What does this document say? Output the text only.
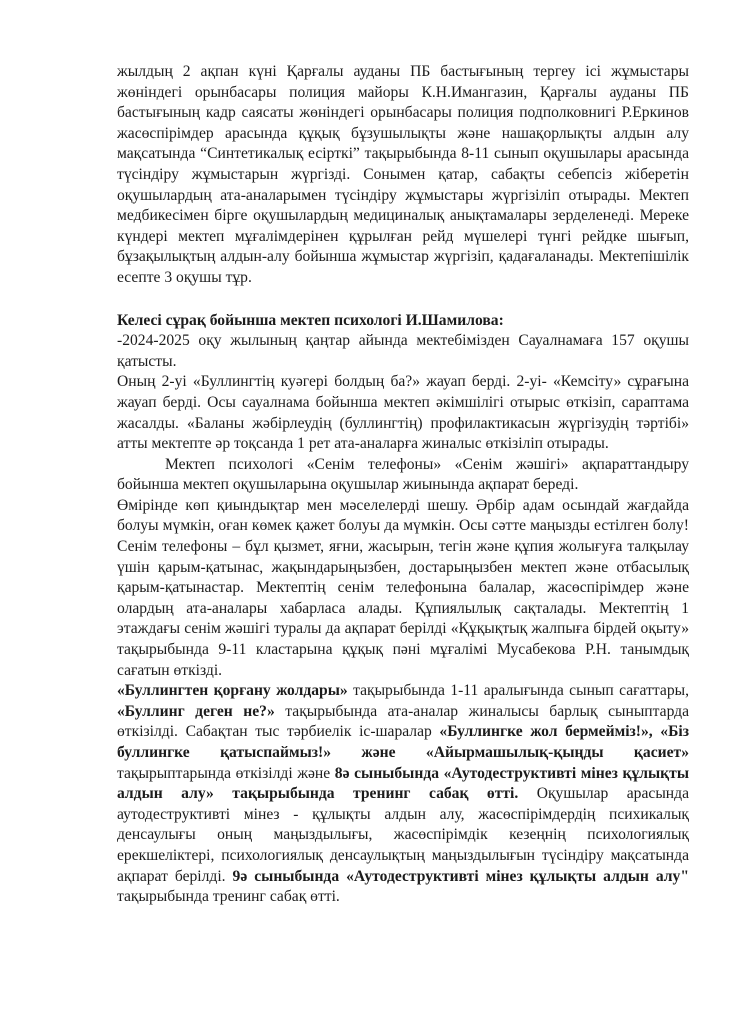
жылдың 2 ақпан күні Қарғалы ауданы ПБ бастығының тергеу ісі жұмыстары жөніндегі орынбасары полиция майоры К.Н.Имангазин, Қарғалы ауданы ПБ бастығының кадр саясаты жөніндегі орынбасары полиция подполковнигі Р.Еркинов жасөспірімдер арасында құқық бұзушылықты және нашақорлықты алдын алу мақсатында “Синтетикалық есірткі” тақырыбында 8-11 сынып оқушылары арасында түсіндіру жұмыстарын жүргізді. Сонымен қатар, сабақты себепсіз жіберетін оқушылардың ата-аналарымен түсіндіру жұмыстары жүргізіліп отырады. Мектеп медбикесімен бірге оқушылардың медициналық анықтамалары зерделенеді. Мереке күндері мектеп мұғалімдерінен құрылған рейд мүшелері түнгі рейдке шығып, бұзақылықтың алдын-алу бойынша жұмыстар жүргізіп, қадағаланады. Мектепішілік есепте 3 оқушы тұр.

Келесі сұрақ бойынша мектеп психологі И.Шамилова:

-2024-2025 оқу жылының қаңтар айында мектебімізден Сауалнамаға 157 оқушы қатысты.

Оның 2-уі «Буллингтің куәгері болдың ба?» жауап берді. 2-уі- «Кемсіту» сұрағына жауап берді. Осы сауалнама бойынша мектеп әкімшілігі отырыс өткізіп, сараптама жасалды. «Баланы жәбірлеудің (буллингтің) профилактикасын жүргізудің тәртібі» атты мектепте әр тоқсанда 1 рет ата-аналарға жиналыс өткізіліп отырады.

Мектеп психологі «Сенім телефоны» «Сенім жәшігі» ақпараттандыру бойынша мектеп оқушыларына оқушылар жиынында ақпарат береді.

Өмірінде көп қиындықтар мен мәселелерді шешу. Әрбір адам осындай жағдайда болуы мүмкін, оған көмек қажет болуы да мүмкін. Осы сәтте маңызды естілген болу! Сенім телефоны – бұл қызмет, яғни, жасырын, тегін және құпия жолығуға талқылау үшін қарым-қатынас, жақындарыңызбен, достарыңызбен мектеп және отбасылық қарым-қатынастар. Мектептің сенім телефонына балалар, жасөспірімдер және олардың ата-аналары хабарласа алады. Құпиялылық сақталады. Мектептің 1 этаждағы сенім жәшігі туралы да ақпарат берілді «Құқықтық жалпыға бірдей оқыту» тақырыбында 9-11 кластарына құқық пәні мұғалімі Мусабекова Р.Н. танымдық сағатын өткізді.

«Буллингтен қорғану жолдары» тақырыбында 1-11 аралығында сынып сағаттары, «Буллинг деген не?» тақырыбында ата-аналар жиналысы барлық сыныптарда өткізілді. Сабақтан тыс тәрбиелік іс-шаралар «Буллингке жол бермейміз!», «Біз буллингке қатыспаймыз!» және «Айырмашылық-қыңды қасиет» тақырыптарында өткізілді және 8ә сыныбында «Аутодеструктивті мінез құлықты алдын алу» тақырыбында тренинг сабақ өтті. Оқушылар арасында аутодеструктивті мінез - құлықты алдын алу, жасөспірімдердің психикалық денсаулығы оның маңыздылығы, жасөспірімдік кезеңнің психологиялық ерекшеліктері, психологиялық денсаулықтың маңыздылығын түсіндіру мақсатында ақпарат берілді. 9ә сыныбында «Аутодеструктивті мінез құлықты алдын алу" тақырыбында тренинг сабақ өтті.
